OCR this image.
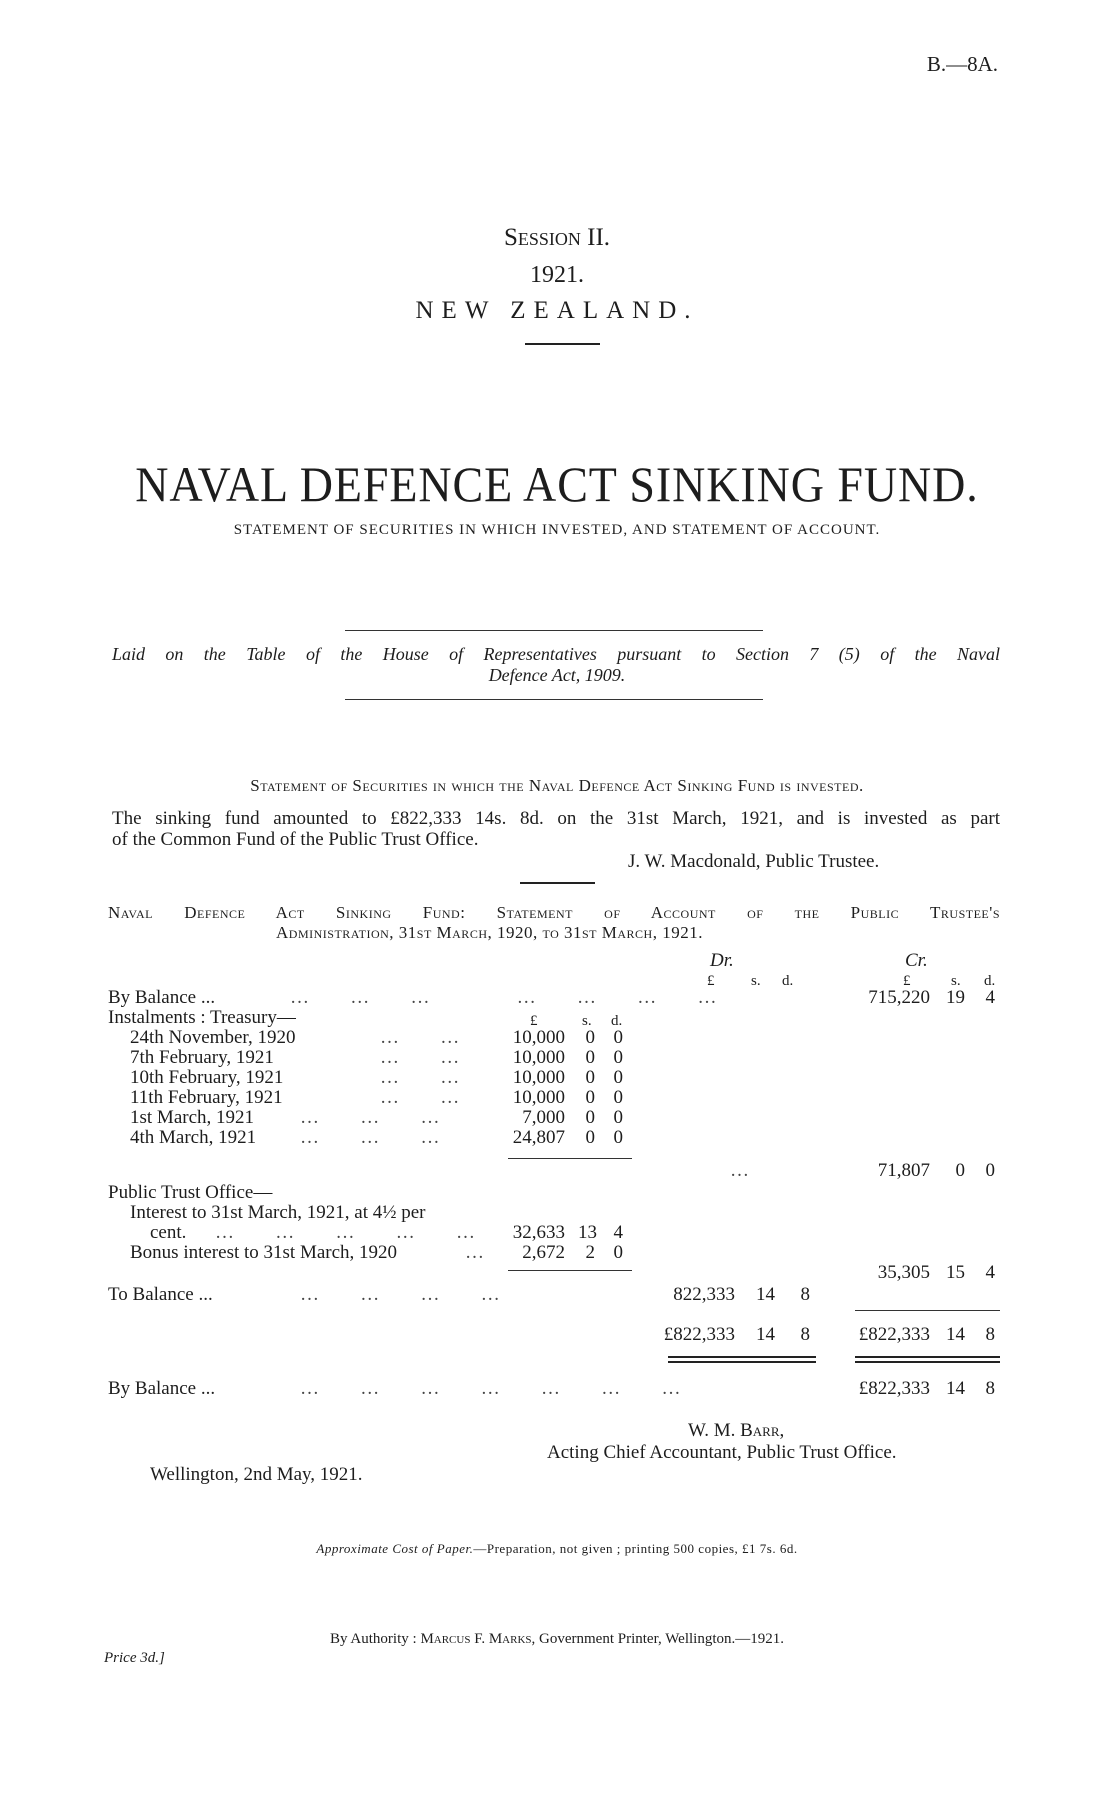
B.—8A.
Session II.
1921.
NEW ZEALAND.
NAVAL DEFENCE ACT SINKING FUND.
STATEMENT OF SECURITIES IN WHICH INVESTED, AND STATEMENT OF ACCOUNT.
Laid on the Table of the House of Representatives pursuant to Section 7 (5) of the Naval
Defence Act, 1909.
Statement of Securities in which the Naval Defence Act Sinking Fund is invested.
The sinking fund amounted to £822,333 14s. 8d. on the 31st March, 1921, and is invested as part
of the Common Fund of the Public Trust Office.
J. W. Macdonald, Public Trustee.
Naval Defence Act Sinking Fund: Statement of Account of the Public Trustee's
Administration, 31st March, 1920, to 31st March, 1921.
Dr.	Cr.
£ s. d.	£	s. d.
By Balance ...	…       …       …               …       …       …       …	715,220 19	4
Instalments : Treasury—	£	s. d.
24th November, 1920	…       …	10,000 0 0
7th February, 1921	…       …	10,000 0 0
10th February, 1921	…       …	10,000 0 0
11th February, 1921	…       …	10,000 0 0
1st March, 1921 …       …       …	7,000 0 0
4th March, 1921 …       …       …	24,807 0 0
…	71,807	0	0
Public Trust Office—
Interest to 31st March, 1921, at 4½ per
cent. …       …       …       …       …	32,633 13 4
Bonus interest to 31st March, 1920	…	2,672 2 0
35,305 15	4
To Balance ...	…       …       …       …	822,333	14	8
£822,333	14	8	£822,333 14	8
By Balance ...	…       …       …       …       …       …       …	£822,333 14	8
W. M. Barr,
Acting Chief Accountant, Public Trust Office.
Wellington, 2nd May, 1921.
Approximate Cost of Paper.—Preparation, not given ; printing 500 copies, £1 7s. 6d.
By Authority : Marcus F. Marks, Government Printer, Wellington.—1921.
Price 3d.]
